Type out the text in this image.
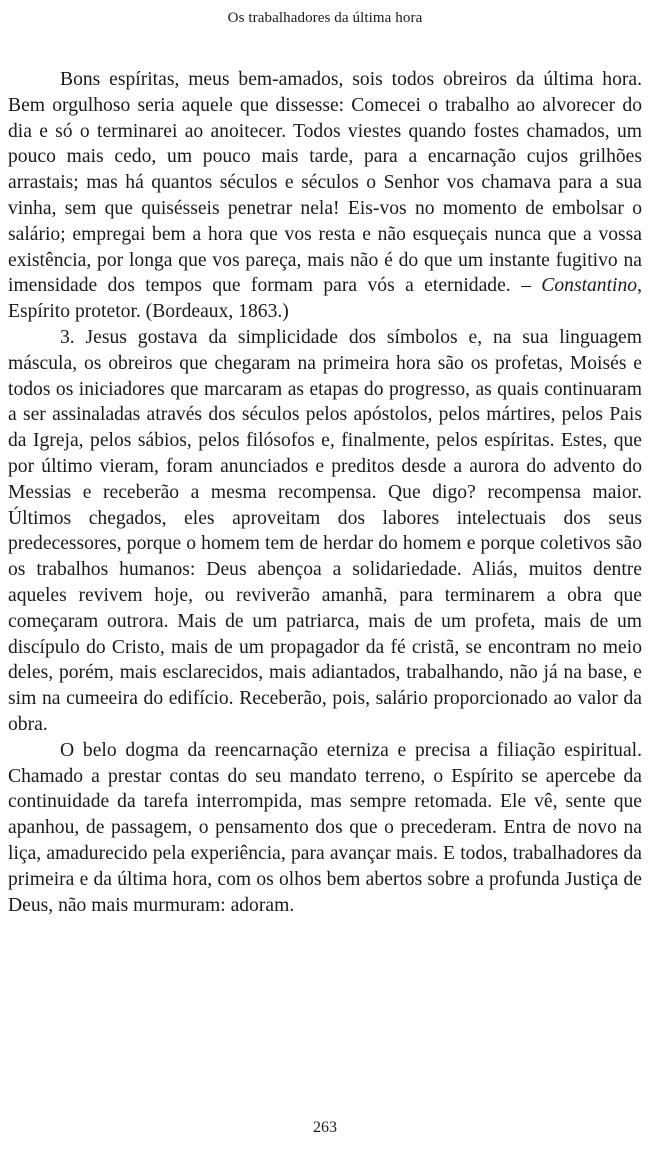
Os trabalhadores da última hora

Bons espíritas, meus bem-amados, sois todos obreiros da última hora. Bem orgulhoso seria aquele que dissesse: Comecei o trabalho ao alvorecer do dia e só o terminarei ao anoitecer. Todos viestes quando fostes chamados, um pouco mais cedo, um pouco mais tarde, para a encarnação cujos grilhões arrastais; mas há quantos séculos e séculos o Senhor vos chamava para a sua vinha, sem que quisésseis penetrar nela! Eis-vos no momento de embolsar o salário; empregai bem a hora que vos resta e não esqueçais nunca que a vossa existência, por longa que vos pareça, mais não é do que um instante fugitivo na imensidade dos tempos que formam para vós a eternidade. – Constantino, Espírito protetor. (Bordeaux, 1863.)

3. Jesus gostava da simplicidade dos símbolos e, na sua linguagem máscula, os obreiros que chegaram na primeira hora são os profetas, Moisés e todos os iniciadores que marcaram as etapas do progresso, as quais continuaram a ser assinaladas através dos séculos pelos apóstolos, pelos mártires, pelos Pais da Igreja, pelos sábios, pelos filósofos e, finalmente, pelos espíritas. Estes, que por último vieram, foram anunciados e preditos desde a aurora do advento do Messias e receberão a mesma recompensa. Que digo? recompensa maior. Últimos chegados, eles aproveitam dos labores intelectuais dos seus predecessores, porque o homem tem de herdar do homem e porque coletivos são os trabalhos humanos: Deus abençoa a solidariedade. Aliás, muitos dentre aqueles revivem hoje, ou reviverão amanhã, para terminarem a obra que começaram outrora. Mais de um patriarca, mais de um profeta, mais de um discípulo do Cristo, mais de um propagador da fé cristã, se encontram no meio deles, porém, mais esclarecidos, mais adiantados, trabalhando, não já na base, e sim na cumeeira do edifício. Receberão, pois, salário proporcionado ao valor da obra.

O belo dogma da reencarnação eterniza e precisa a filiação espiritual. Chamado a prestar contas do seu mandato terreno, o Espírito se apercebe da continuidade da tarefa interrompida, mas sempre retomada. Ele vê, sente que apanhou, de passagem, o pensamento dos que o precederam. Entra de novo na liça, amadurecido pela experiência, para avançar mais. E todos, trabalhadores da primeira e da última hora, com os olhos bem abertos sobre a profunda Justiça de Deus, não mais murmuram: adoram.

263
